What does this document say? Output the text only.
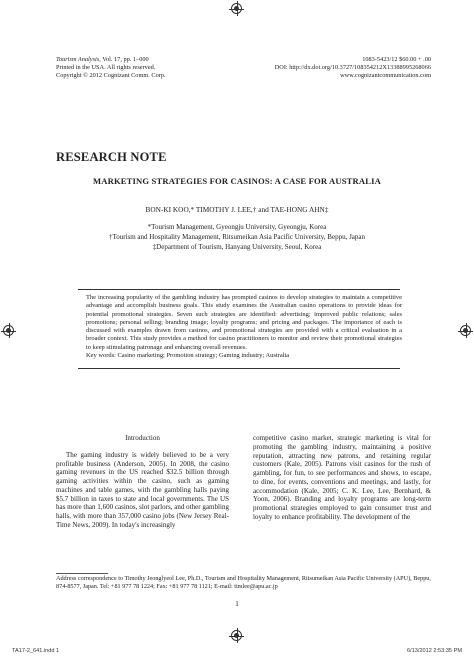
Tourism Analysis, Vol. 17, pp. 1–000
Printed in the USA. All rights reserved.
Copyright © 2012 Cognizant Comm. Corp.
1083-5423/12 $60.00 + .00
DOI: http://dx.doi.org/10.3727/108354212X13388995268066
www.cognizantcommunication.com
RESEARCH NOTE
MARKETING STRATEGIES FOR CASINOS: A CASE FOR AUSTRALIA
BON-KI KOO,* TIMOTHY J. LEE,† and TAE-HONG AHN‡
*Tourism Management, Gyeongju University, Gyeongju, Korea
†Tourism and Hospitality Management, Ritsumeikan Asia Pacific University, Beppu, Japan
‡Department of Tourism, Hanyang University, Seoul, Korea
The increasing popularity of the gambling industry has prompted casinos to develop strategies to maintain a competitive advantage and accomplish business goals. This study examines the Australian casino operations to provide ideas for potential promotional strategies. Seven such strategies are identified: advertising; improved public relations; sales promotions; personal selling; branding image; loyalty programs; and pricing and packages. The importance of each is discussed with examples drawn from casinos, and promotional strategies are provided with a critical evaluation in a broader context. This study provides a method for casino practitioners to monitor and review their promotional strategies to keep stimulating patronage and enhancing overall revenues.
Key words: Casino marketing; Promotion strategy; Gaming industry; Australia
Introduction
The gaming industry is widely believed to be a very profitable business (Anderson, 2005). In 2008, the casino gaming revenues in the US reached $32.5 billion through gaming activities within the casino, such as gaming machines and table games, with the gambling halls paying $5.7 billion in taxes to state and local governments. The US has more than 1,600 casinos, slot parlors, and other gambling halls, with more than 357,000 casino jobs (New Jersey Real-Time News, 2009). In today's increasingly
competitive casino market, strategic marketing is vital for promoting the gambling industry, maintaining a positive reputation, attracting new patrons, and retaining regular customers (Kale, 2005). Patrons visit casinos for the rush of gambling, for fun, to see performances and shows, to escape, to dine, for events, conventions and meetings, and lastly, for accommodation (Kale, 2005; C. K. Lee, Lee, Bernhard, & Yoon, 2006). Branding and loyalty programs are long-term promotional strategies employed to gain consumer trust and loyalty to enhance profitability. The development of the
Address correspondence to Timothy Jeonglyeol Lee, Ph.D., Tourism and Hospitality Management, Ritsumeikan Asia Pacific University (APU), Beppu, 874-8577, Japan. Tel: +81 977 78 1224; Fax: +81 977 78 1121; E-mail: timlee@apu.ac.jp
1
TA17-2_641.indd 1	6/13/2012 2:53:35 PM
